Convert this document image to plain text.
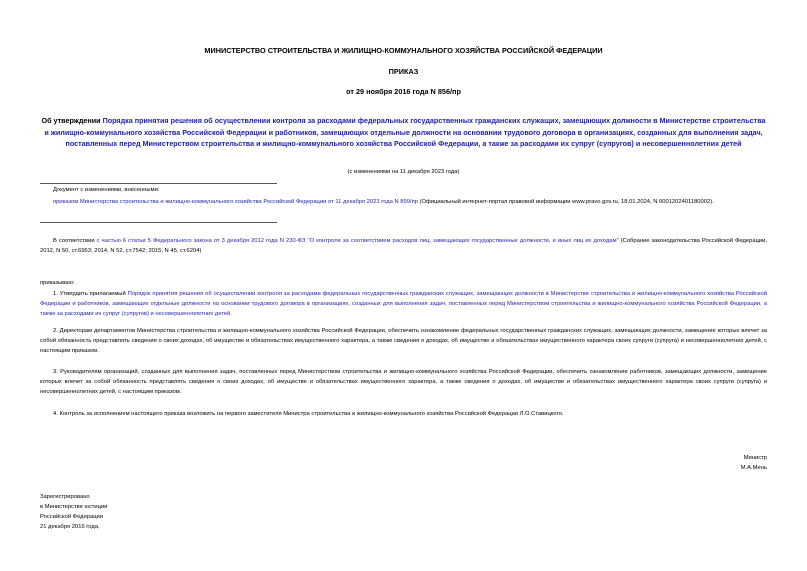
МИНИСТЕРСТВО СТРОИТЕЛЬСТВА И ЖИЛИЩНО-КОММУНАЛЬНОГО ХОЗЯЙСТВА РОССИЙСКОЙ ФЕДЕРАЦИИ
ПРИКАЗ
от 29 ноября 2016 года N 856/пр
Об утверждении Порядка принятия решения об осуществлении контроля за расходами федеральных государственных гражданских служащих, замещающих должности в Министерстве строительства и жилищно-коммунального хозяйства Российской Федерации и работников, замещающих отдельные должности на основании трудового договора в организациях, созданных для выполнения задач, поставленных перед Министерством строительства и жилищно-коммунального хозяйства Российской Федерации, а также за расходами их супруг (супругов) и несовершеннолетних детей
(с изменениями на 11 декабря 2023 года)
Документ с изменениями, внесенными:
приказом Министерства строительства и жилищно-коммунального хозяйства Российской Федерации от 11 декабря 2023 года N 899/пр (Официальный интернет-портал правовой информации www.pravo.gov.ru, 18.01.2024, N 0001202401180002).
В соответствии с частью 6 статьи 5 Федерального закона от 3 декабря 2012 года N 230-ФЗ "О контроле за соответствием расходов лиц, замещающих государственные должности, и иных лиц их доходам" (Собрание законодательства Российской Федерации, 2012, N 50, ст.6953; 2014, N 52, ст.7542; 2015, N 45, ст.6204)
приказываю:
1. Утвердить прилагаемый Порядок принятия решения об осуществлении контроля за расходами федеральных государственных гражданских служащих, замещающих должности в Министерстве строительства и жилищно-коммунального хозяйства Российской Федерации и работников, замещающих отдельные должности на основании трудового договора в организациях, созданных для выполнения задач, поставленных перед Министерством строительства и жилищно-коммунального хозяйства Российской Федерации, а также за расходами их супруг (супругов) и несовершеннолетних детей.
2. Директорам департаментов Министерства строительства и жилищно-коммунального хозяйства Российской Федерации, обеспечить ознакомление федеральных государственных гражданских служащих, замещающих должности, замещение которых влечет за собой обязанность представлять сведения о своих доходах, об имуществе и обязательствах имущественного характера, а также сведения о доходах, об имуществе и обязательствах имущественного характера своих супруги (супруга) и несовершеннолетних детей, с настоящим приказом.
3. Руководителям организаций, созданных для выполнения задач, поставленных перед Министерством строительства и жилищно-коммунального хозяйства Российской Федерации, обеспечить ознакомление работников, замещающих должности, замещение которых влечет за собой обязанность представлять сведения о своих доходах, об имуществе и обязательствах имущественного характера, а также сведения о доходах, об имуществе и обязательствах имущественного характера своих супруги (супруга) и несовершеннолетних детей, с настоящим приказом.
4. Контроль за исполнением настоящего приказа возложить на первого заместителя Министра строительства и жилищно-коммунального хозяйства Российской Федерации Л.О.Ставицкого.
Министр
М.А.Мень
Зарегистрировано
в Министерстве юстиции
Российской Федерации
21 декабря 2016 года,
